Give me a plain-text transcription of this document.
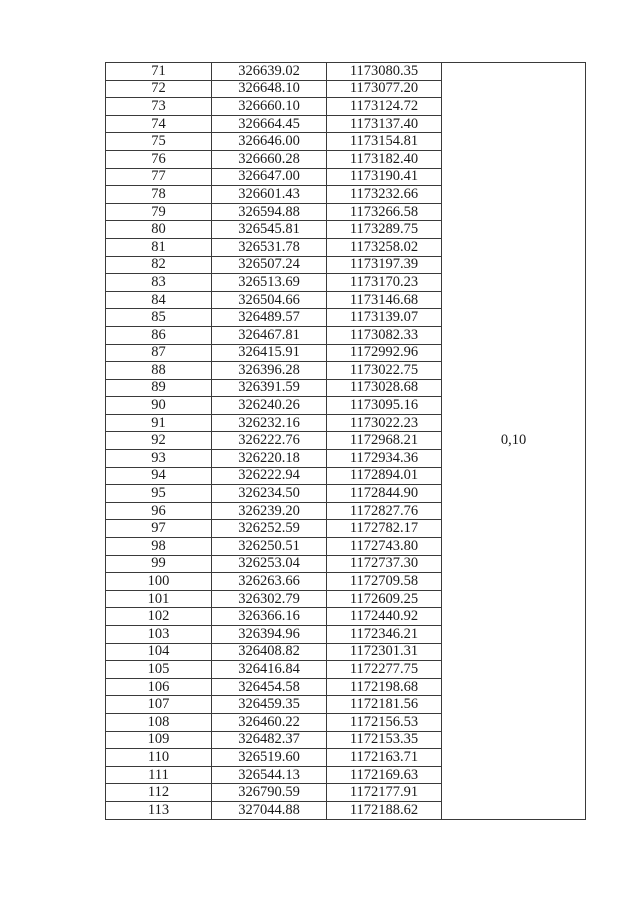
71	326639.02	1173080.35	0,10
72	326648.10	1173077.20	
73	326660.10	1173124.72	
74	326664.45	1173137.40	
75	326646.00	1173154.81	
76	326660.28	1173182.40	
77	326647.00	1173190.41	
78	326601.43	1173232.66	
79	326594.88	1173266.58	
80	326545.81	1173289.75	
81	326531.78	1173258.02	
82	326507.24	1173197.39	
83	326513.69	1173170.23	
84	326504.66	1173146.68	
85	326489.57	1173139.07	
86	326467.81	1173082.33	
87	326415.91	1172992.96	
88	326396.28	1173022.75	
89	326391.59	1173028.68	
90	326240.26	1173095.16	
91	326232.16	1173022.23	
92	326222.76	1172968.21	
93	326220.18	1172934.36	
94	326222.94	1172894.01	
95	326234.50	1172844.90	
96	326239.20	1172827.76	
97	326252.59	1172782.17	
98	326250.51	1172743.80	
99	326253.04	1172737.30	
100	326263.66	1172709.58	
101	326302.79	1172609.25	
102	326366.16	1172440.92	
103	326394.96	1172346.21	
104	326408.82	1172301.31	
105	326416.84	1172277.75	
106	326454.58	1172198.68	
107	326459.35	1172181.56	
108	326460.22	1172156.53	
109	326482.37	1172153.35	
110	326519.60	1172163.71	
111	326544.13	1172169.63	
112	326790.59	1172177.91	
113	327044.88	1172188.62	
